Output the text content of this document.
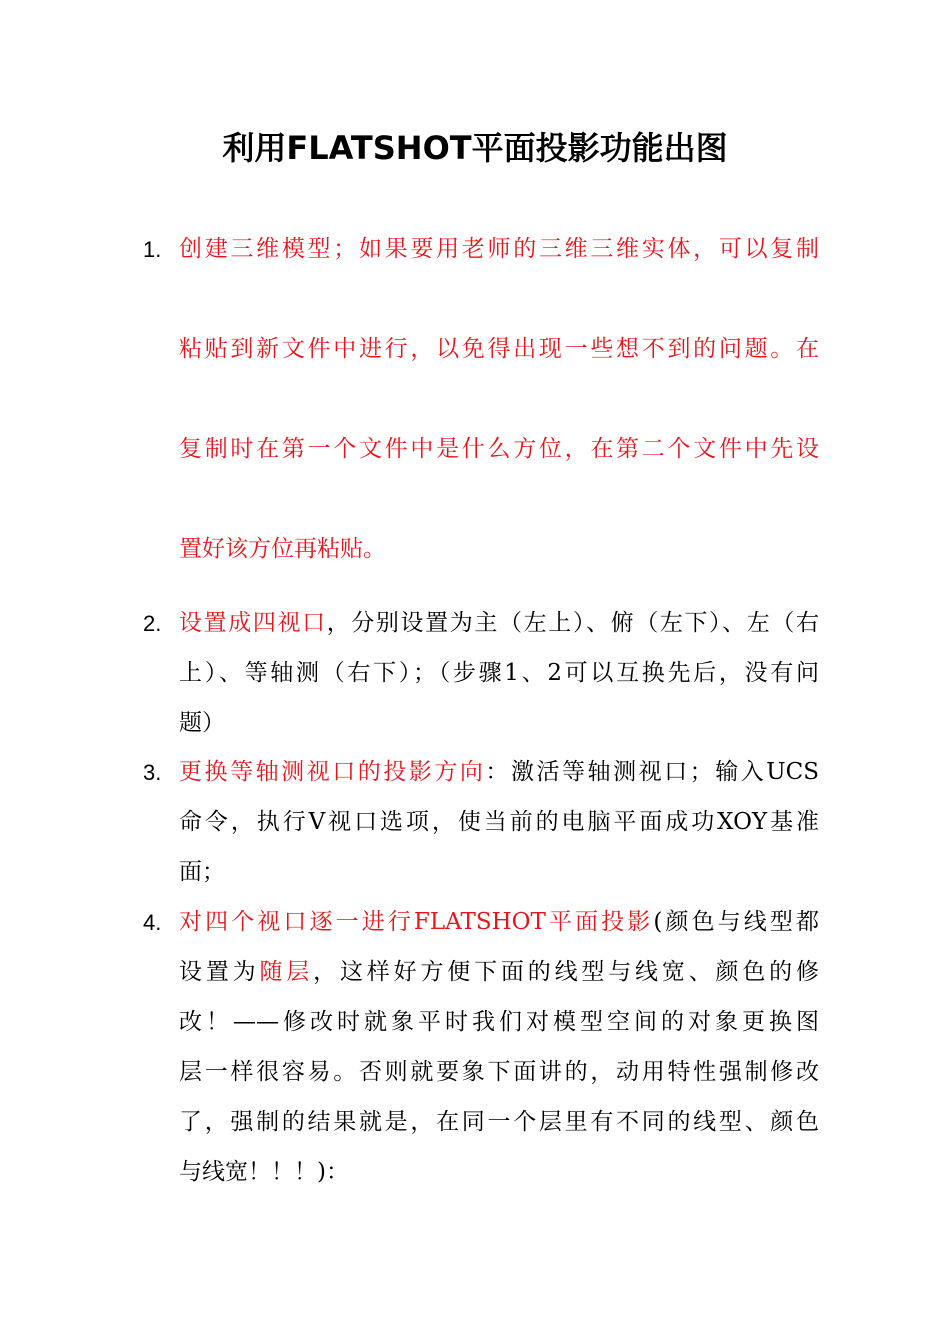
利用FLATSHOT平面投影功能出图
1. 创建三维模型；如果要用老师的三维三维实体，可以复制
粘贴到新文件中进行，以免得出现一些想不到的问题。在
复制时在第一个文件中是什么方位，在第二个文件中先设
置好该方位再粘贴。
2. 设置成四视口，分别设置为主（左上）、俯（左下）、左（右
上）、等轴测（右下）；（步骤1、2可以互换先后，没有问
题）
3. 更换等轴测视口的投影方向：激活等轴测视口；输入UCS
命令，执行V视口选项，使当前的电脑平面成功XOY基准
面；
4. 对四个视口逐一进行FLATSHOT平面投影(颜色与线型都
设置为随层，这样好方便下面的线型与线宽、颜色的修
改！——修改时就象平时我们对模型空间的对象更换图
层一样很容易。否则就要象下面讲的，动用特性强制修改
了，强制的结果就是，在同一个层里有不同的线型、颜色
与线宽！！！)：
